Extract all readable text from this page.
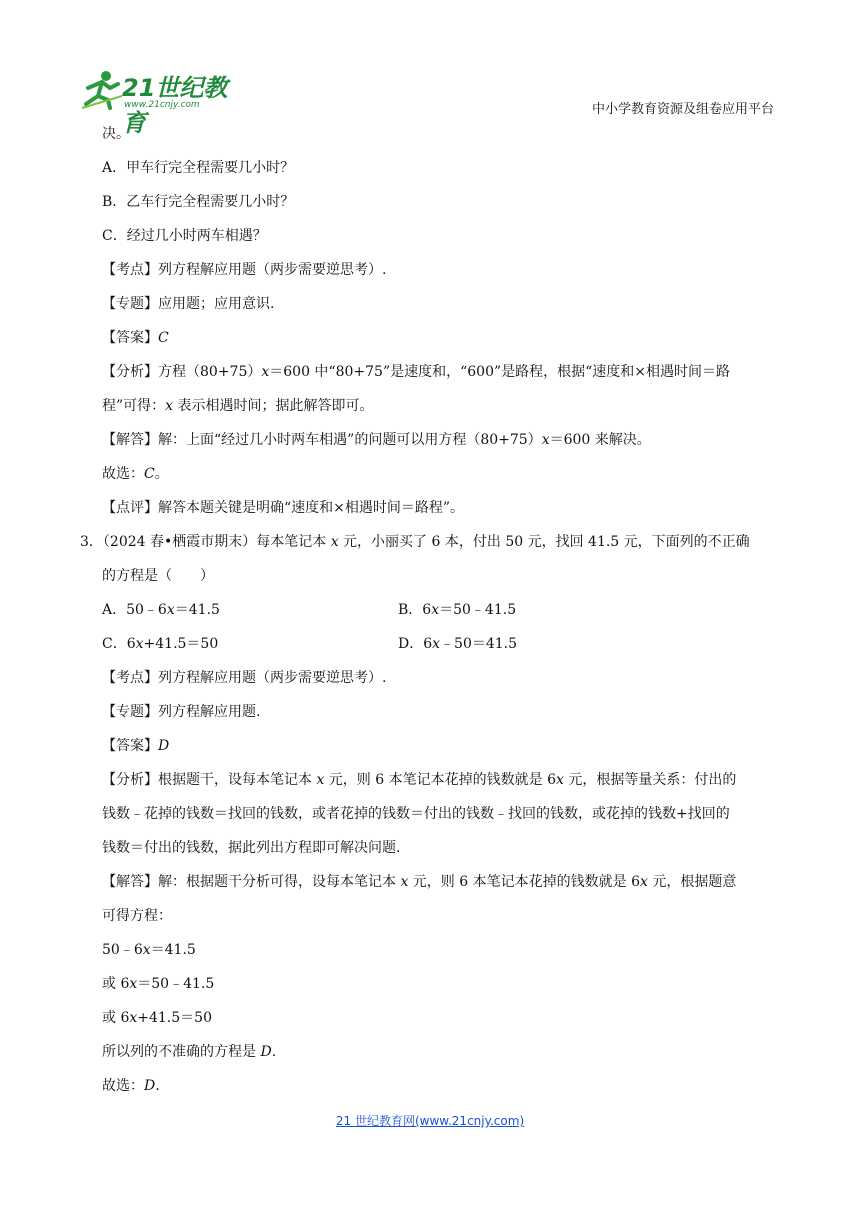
21世纪教育
www.21cnjy.com	中小学教育资源及组卷应用平台
决。
A．甲车行完全程需要几小时？
B．乙车行完全程需要几小时？
C．经过几小时两车相遇？
【考点】列方程解应用题（两步需要逆思考）.
【专题】应用题；应用意识.
【答案】C
【分析】方程（80+75）x＝600 中“80+75”是速度和，“600”是路程，根据“速度和×相遇时间＝路
程”可得：x 表示相遇时间；据此解答即可。
【解答】解：上面“经过几小时两车相遇”的问题可以用方程（80+75）x＝600 来解决。
故选：C。
【点评】解答本题关键是明确“速度和×相遇时间＝路程”。
3．（2024 春•栖霞市期末）每本笔记本 x 元，小丽买了 6 本，付出 50 元，找回 41.5 元，下面列的不正确
的方程是（　　）
A．50﹣6x＝41.5	B．6x＝50﹣41.5
C．6x+41.5＝50	D．6x﹣50＝41.5
【考点】列方程解应用题（两步需要逆思考）.
【专题】列方程解应用题.
【答案】D
【分析】根据题干，设每本笔记本 x 元，则 6 本笔记本花掉的钱数就是 6x 元，根据等量关系：付出的
钱数﹣花掉的钱数＝找回的钱数，或者花掉的钱数＝付出的钱数﹣找回的钱数，或花掉的钱数+找回的
钱数＝付出的钱数，据此列出方程即可解决问题.
【解答】解：根据题干分析可得，设每本笔记本 x 元，则 6 本笔记本花掉的钱数就是 6x 元，根据题意
可得方程：
50﹣6x＝41.5
或 6x＝50﹣41.5
或 6x+41.5＝50
所以列的不准确的方程是 D.
故选：D.
21 世纪教育网(www.21cnjy.com)
